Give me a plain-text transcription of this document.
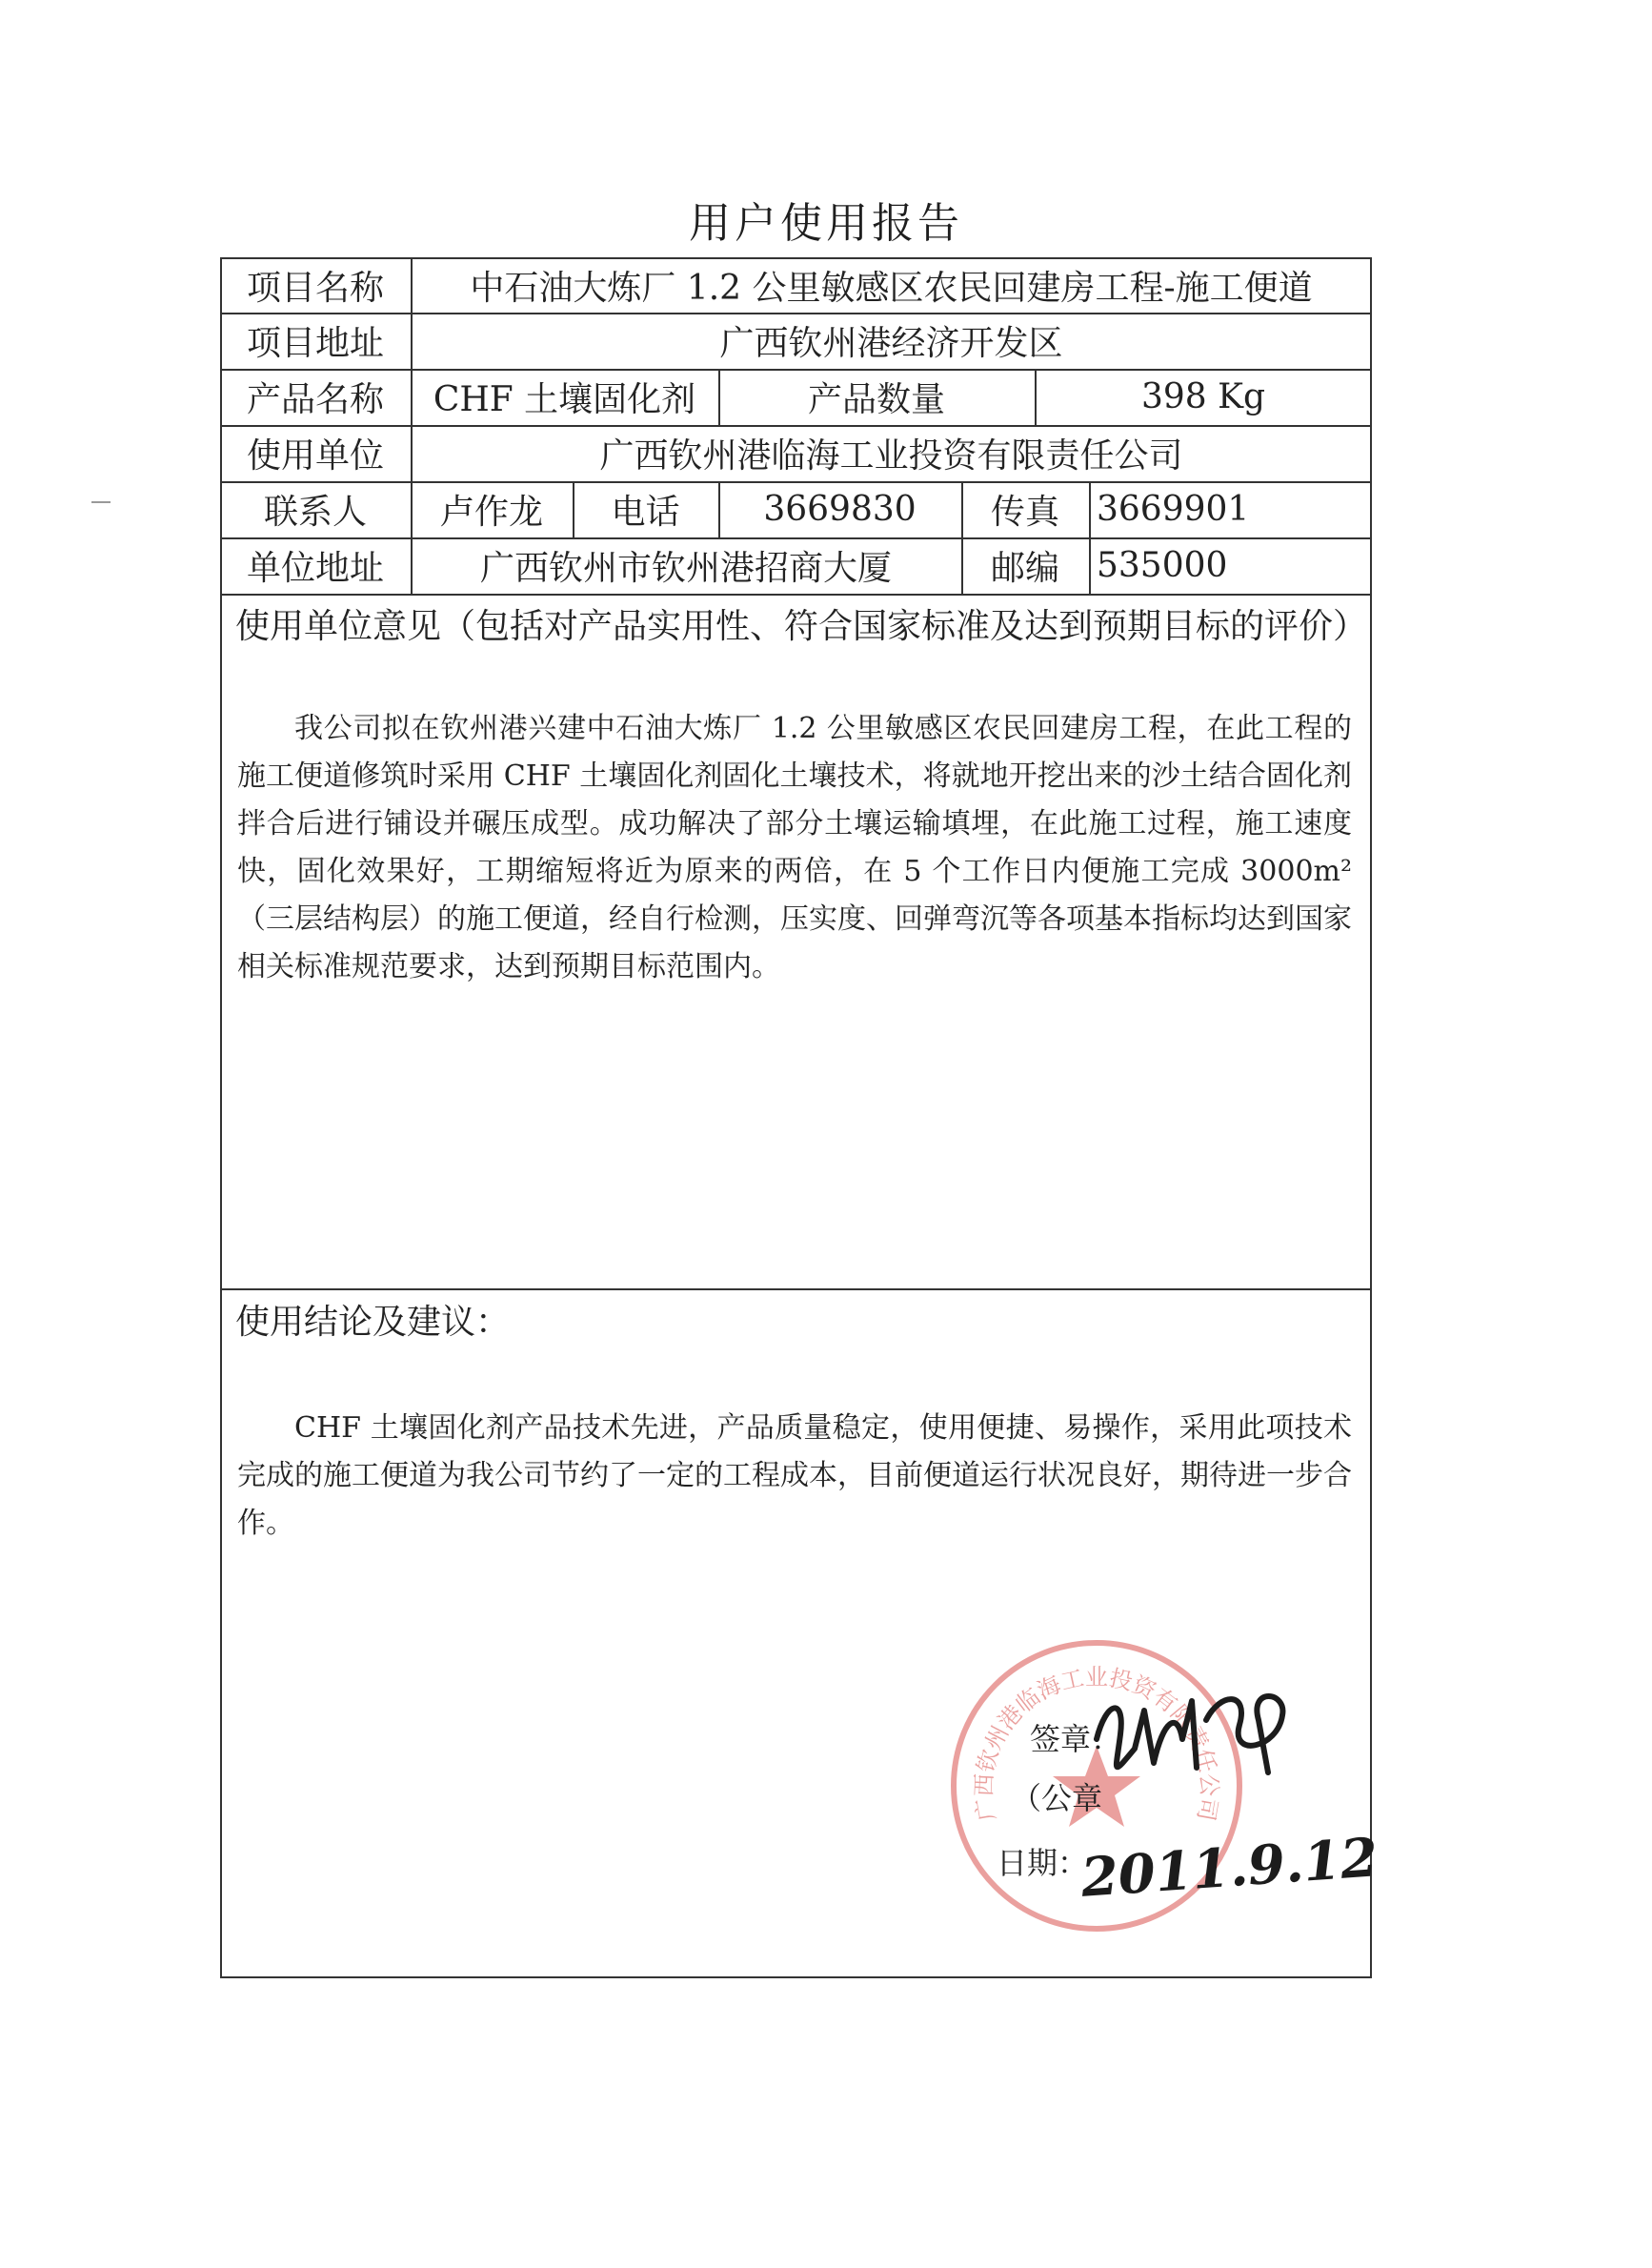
用户使用报告
项目名称	中石油大炼厂 1.2 公里敏感区农民回建房工程-施工便道
项目地址	广西钦州港经济开发区
产品名称	CHF 土壤固化剂	产品数量	398 Kg
使用单位	广西钦州港临海工业投资有限责任公司
联系人	卢作龙	电话	3669830	传真	3669901
单位地址	广西钦州市钦州港招商大厦	邮编	535000
使用单位意见（包括对产品实用性、符合国家标准及达到预期目标的评价）
我公司拟在钦州港兴建中石油大炼厂 1.2 公里敏感区农民回建房工程，在此工程的施工便道修筑时采用 CHF 土壤固化剂固化土壤技术，将就地开挖出来的沙土结合固化剂拌合后进行铺设并碾压成型。成功解决了部分土壤运输填埋，在此施工过程，施工速度快，固化效果好，工期缩短将近为原来的两倍，在 5 个工作日内便施工完成 3000m²（三层结构层）的施工便道，经自行检测，压实度、回弹弯沉等各项基本指标均达到国家相关标准规范要求，达到预期目标范围内。
使用结论及建议：
CHF 土壤固化剂产品技术先进，产品质量稳定，使用便捷、易操作，采用此项技术完成的施工便道为我公司节约了一定的工程成本，目前便道运行状况良好，期待进一步合作。
广西钦州港临海工业投资有限责任公司
签章：
（公章
日期：
2011.9.12
